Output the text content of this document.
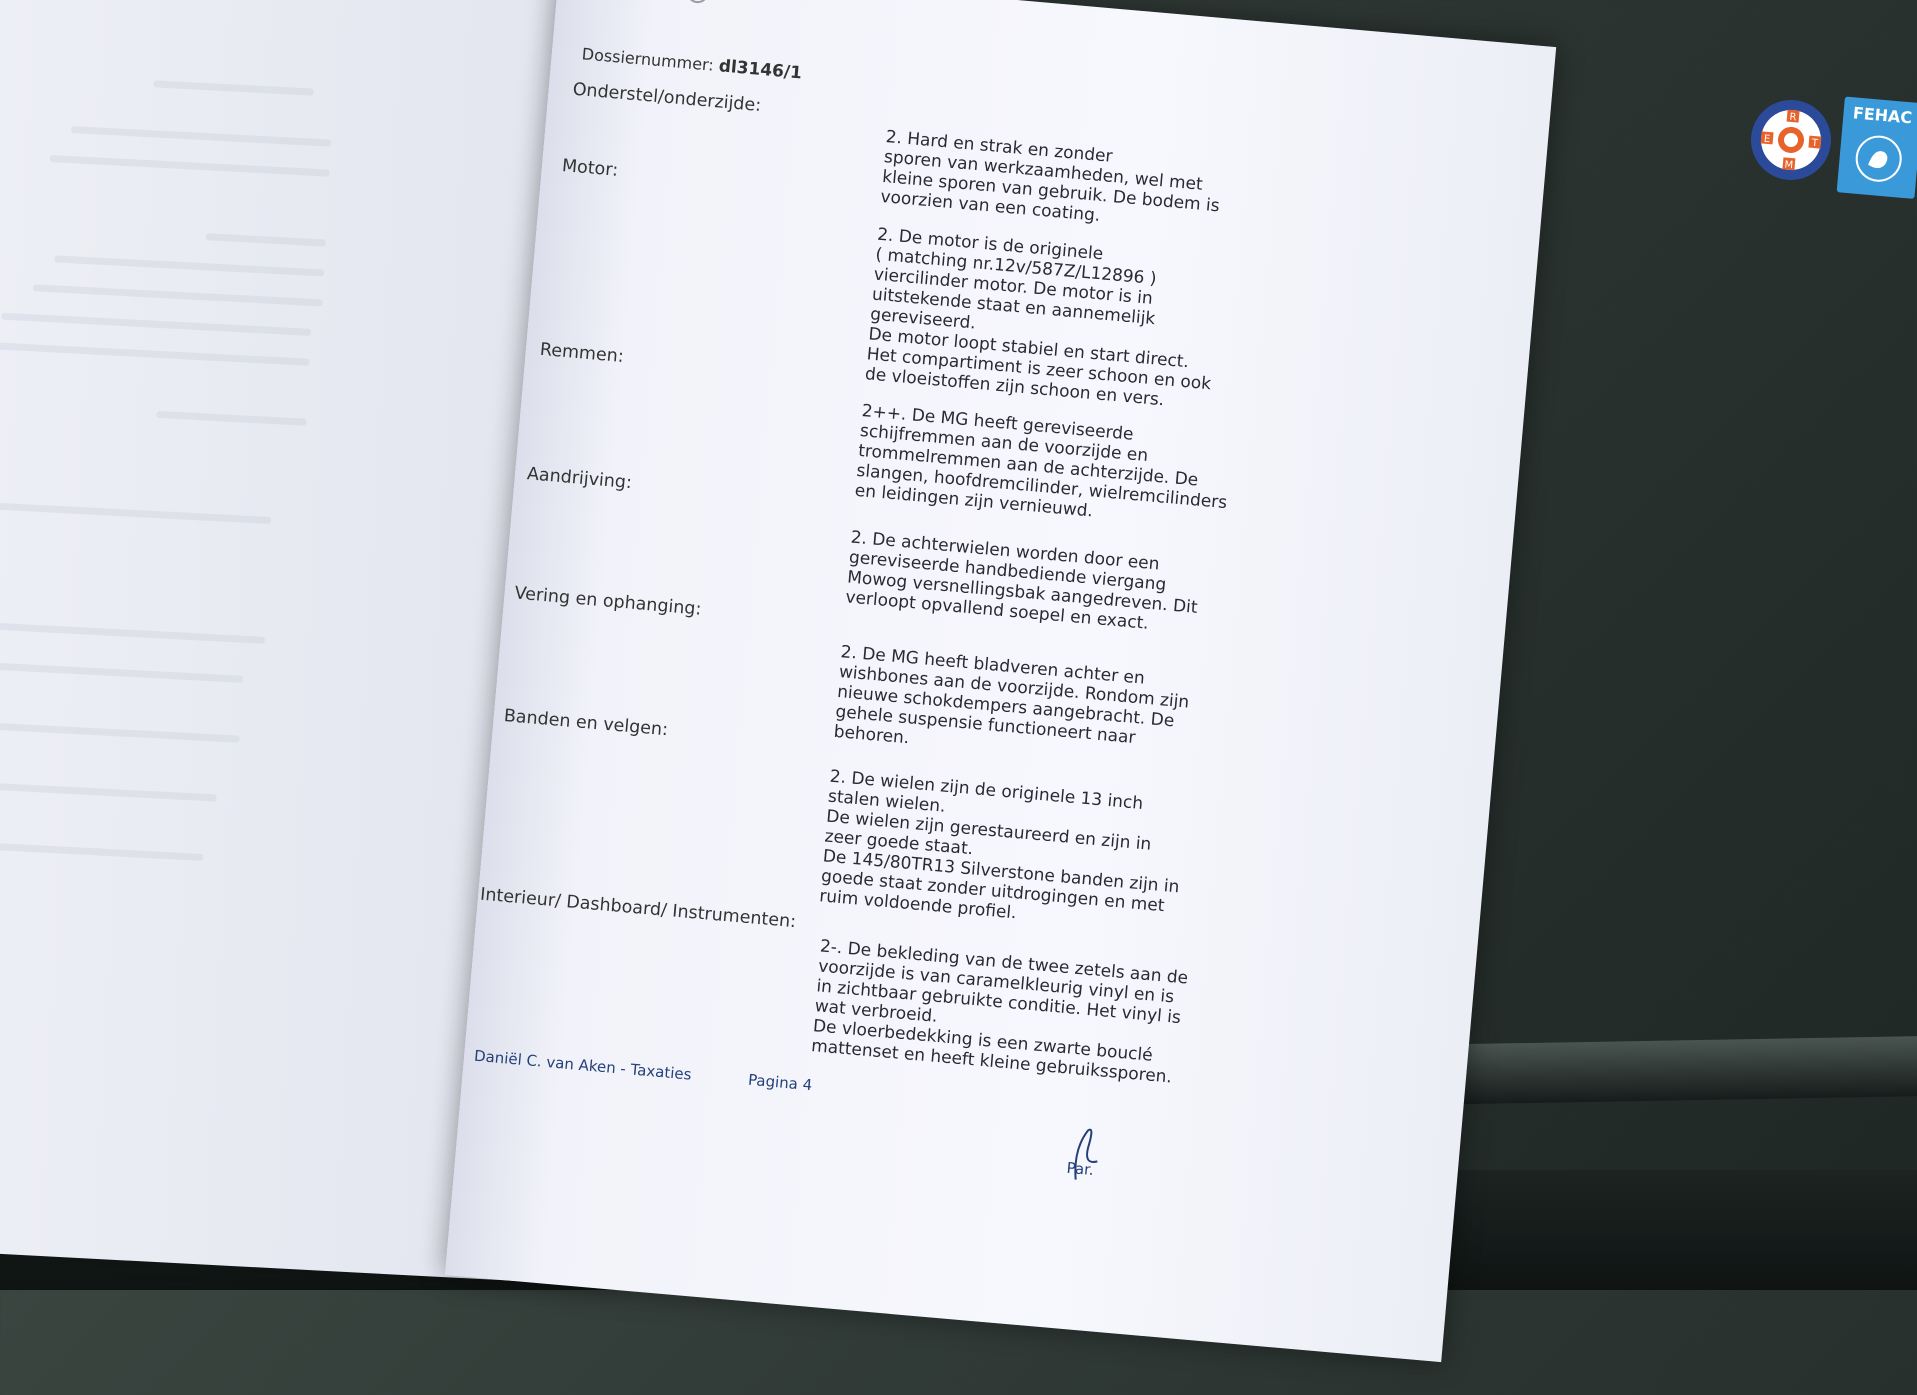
Dossiernummer: dl3146/1
R
E	T
M
FEHAC
Onderstel/onderzijde:
2. Hard en strak en zonder
sporen van werkzaamheden, wel met
kleine sporen van gebruik. De bodem is
voorzien van een coating.
Motor:
2. De motor is de originele
( matching nr.12v/587Z/L12896 )
viercilinder motor. De motor is in
uitstekende staat en aannemelijk
gereviseerd.
De motor loopt stabiel en start direct.
Het compartiment is zeer schoon en ook
de vloeistoffen zijn schoon en vers.
Remmen:
2++. De MG heeft gereviseerde
schijfremmen aan de voorzijde en
trommelremmen aan de achterzijde. De
slangen, hoofdremcilinder, wielremcilinders
en leidingen zijn vernieuwd.
Aandrijving:
2. De achterwielen worden door een
gereviseerde handbediende viergang
Mowog versnellingsbak aangedreven. Dit
verloopt opvallend soepel en exact.
Vering en ophanging:
2. De MG heeft bladveren achter en
wishbones aan de voorzijde. Rondom zijn
nieuwe schokdempers aangebracht. De
gehele suspensie functioneert naar
behoren.
Banden en velgen:
2. De wielen zijn de originele 13 inch
stalen wielen.
De wielen zijn gerestaureerd en zijn in
zeer goede staat.
De 145/80TR13 Silverstone banden zijn in
goede staat zonder uitdrogingen en met
ruim voldoende profiel.
Interieur/ Dashboard/ Instrumenten:
2-. De bekleding van de twee zetels aan de
voorzijde is van caramelkleurig vinyl en is
in zichtbaar gebruikte conditie. Het vinyl is
wat verbroeid.
De vloerbedekking is een zwarte bouclé
mattenset en heeft kleine gebruikssporen.
Daniël C. van Aken - Taxaties	Pagina 4
Par.
